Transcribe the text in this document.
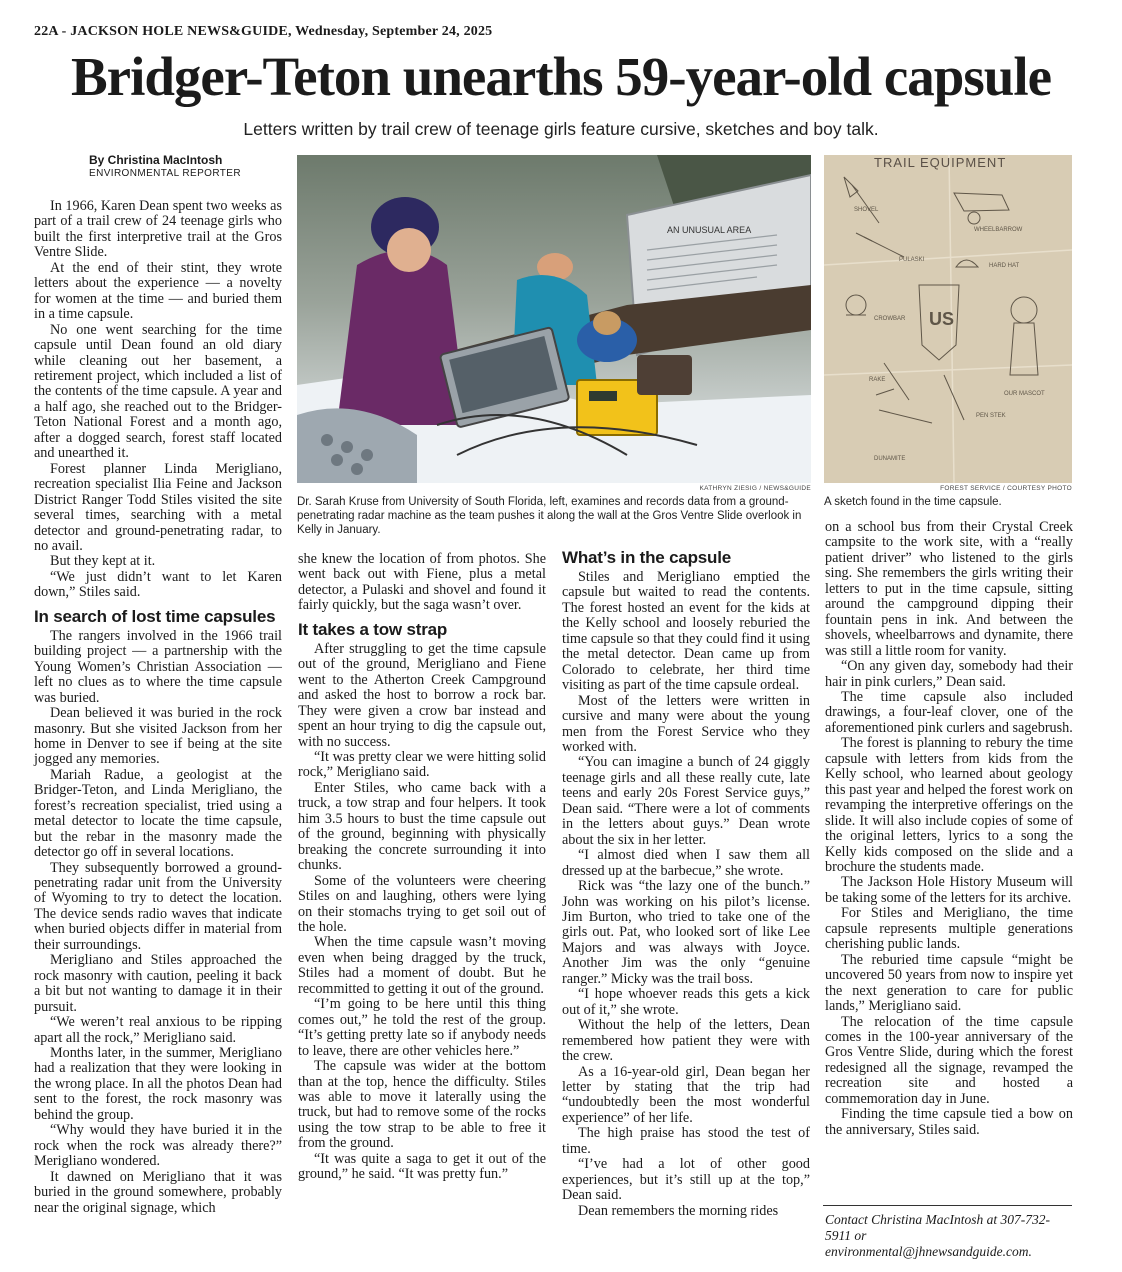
22A - JACKSON HOLE NEWS&GUIDE, Wednesday, September 24, 2025
Bridger-Teton unearths 59-year-old capsule
Letters written by trail crew of teenage girls feature cursive, sketches and boy talk.
By Christina MacIntosh
ENVIRONMENTAL REPORTER
AN UNUSUAL AREA
KATHRYN ZIESIG / NEWS&GUIDE
Dr. Sarah Kruse from University of South Florida, left, examines and records data from a ground-penetrating radar machine as the team pushes it along the wall at the Gros Ventre Slide overlook in Kelly in January.
TRAIL EQUIPMENT
US
SHOVEL
WHEELBARROW
PULASKI
HARD HAT
CROWBAR
OUR MASCOT
RAKE
PEN STEK
DUNAMITE
FOREST SERVICE / COURTESY PHOTO
A sketch found in the time capsule.

In 1966, Karen Dean spent two weeks as part of a trail crew of 24 teenage girls who built the first interpretive trail at the Gros Ventre Slide.

At the end of their stint, they wrote letters about the experience — a novelty for women at the time — and buried them in a time capsule.

No one went searching for the time capsule until Dean found an old diary while cleaning out her basement, a retirement project, which included a list of the contents of the time capsule. A year and a half ago, she reached out to the Bridger-Teton National Forest and a month ago, after a dogged search, forest staff located and unearthed it.

Forest planner Linda Merigliano, recreation specialist Ilia Feine and Jackson District Ranger Todd Stiles visited the site several times, searching with a metal detector and ground-penetrating radar, to no avail.

But they kept at it.

“We just didn’t want to let Karen down,” Stiles said.

In search of lost time capsules

The rangers involved in the 1966 trail building project — a partnership with the Young Women’s Christian Association — left no clues as to where the time capsule was buried.

Dean believed it was buried in the rock masonry. But she visited Jackson from her home in Denver to see if being at the site jogged any memories.

Mariah Radue, a geologist at the Bridger-Teton, and Linda Merigliano, the forest’s recreation specialist, tried using a metal detector to locate the time capsule, but the rebar in the masonry made the detector go off in several locations.

They subsequently borrowed a ground-penetrating radar unit from the University of Wyoming to try to detect the location. The device sends radio waves that indicate when buried objects differ in material from their surroundings.

Merigliano and Stiles approached the rock masonry with caution, peeling it back a bit but not wanting to damage it in their pursuit.

“We weren’t real anxious to be ripping apart all the rock,” Merigliano said.

Months later, in the summer, Merigliano had a realization that they were looking in the wrong place. In all the photos Dean had sent to the forest, the rock masonry was behind the group.

“Why would they have buried it in the rock when the rock was already there?” Merigliano wondered.

It dawned on Merigliano that it was buried in the ground somewhere, probably near the original signage, which

she knew the location of from photos. She went back out with Fiene, plus a metal detector, a Pulaski and shovel and found it fairly quickly, but the saga wasn’t over.

It takes a tow strap

After struggling to get the time capsule out of the ground, Merigliano and Fiene went to the Atherton Creek Campground and asked the host to borrow a rock bar. They were given a crow bar instead and spent an hour trying to dig the capsule out, with no success.

“It was pretty clear we were hitting solid rock,” Merigliano said.

Enter Stiles, who came back with a truck, a tow strap and four helpers. It took him 3.5 hours to bust the time capsule out of the ground, beginning with physically breaking the concrete surrounding it into chunks.

Some of the volunteers were cheering Stiles on and laughing, others were lying on their stomachs trying to get soil out of the hole.

When the time capsule wasn’t moving even when being dragged by the truck, Stiles had a moment of doubt. But he recommitted to getting it out of the ground.

“I’m going to be here until this thing comes out,” he told the rest of the group. “It’s getting pretty late so if anybody needs to leave, there are other vehicles here.”

The capsule was wider at the bottom than at the top, hence the difficulty. Stiles was able to move it laterally using the truck, but had to remove some of the rocks using the tow strap to be able to free it from the ground.

“It was quite a saga to get it out of the ground,” he said. “It was pretty fun.”

What’s in the capsule

Stiles and Merigliano emptied the capsule but waited to read the contents. The forest hosted an event for the kids at the Kelly school and loosely reburied the time capsule so that they could find it using the metal detector. Dean came up from Colorado to celebrate, her third time visiting as part of the time capsule ordeal.

Most of the letters were written in cursive and many were about the young men from the Forest Service who they worked with.

“You can imagine a bunch of 24 giggly teenage girls and all these really cute, late teens and early 20s Forest Service guys,” Dean said. “There were a lot of comments in the letters about guys.” Dean wrote about the six in her letter.

“I almost died when I saw them all dressed up at the barbecue,” she wrote.

Rick was “the lazy one of the bunch.” John was working on his pilot’s license. Jim Burton, who tried to take one of the girls out. Pat, who looked sort of like Lee Majors and was always with Joyce. Another Jim was the only “genuine ranger.” Micky was the trail boss.

“I hope whoever reads this gets a kick out of it,” she wrote.

Without the help of the letters, Dean remembered how patient they were with the crew.

As a 16-year-old girl, Dean began her letter by stating that the trip had “undoubtedly been the most wonderful experience” of her life.

The high praise has stood the test of time.

“I’ve had a lot of other good experiences, but it’s still up at the top,” Dean said.

Dean remembers the morning rides

on a school bus from their Crystal Creek campsite to the work site, with a “really patient driver” who listened to the girls sing. She remembers the girls writing their letters to put in the time capsule, sitting around the campground dipping their fountain pens in ink. And between the shovels, wheelbarrows and dynamite, there was still a little room for vanity.

“On any given day, somebody had their hair in pink curlers,” Dean said.

The time capsule also included drawings, a four-leaf clover, one of the aforementioned pink curlers and sagebrush.

The forest is planning to rebury the time capsule with letters from kids from the Kelly school, who learned about geology this past year and helped the forest work on revamping the interpretive offerings on the slide. It will also include copies of some of the original letters, lyrics to a song the Kelly kids composed on the slide and a brochure the students made.

The Jackson Hole History Museum will be taking some of the letters for its archive.

For Stiles and Merigliano, the time capsule represents multiple generations cherishing public lands.

The reburied time capsule “might be uncovered 50 years from now to inspire yet the next generation to care for public lands,” Merigliano said.

The relocation of the time capsule comes in the 100-year anniversary of the Gros Ventre Slide, during which the forest redesigned all the signage, revamped the recreation site and hosted a commemoration day in June.

Finding the time capsule tied a bow on the anniversary, Stiles said.

Contact Christina MacIntosh at 307-732-5911 or environmental@jhnewsandguide.com.
